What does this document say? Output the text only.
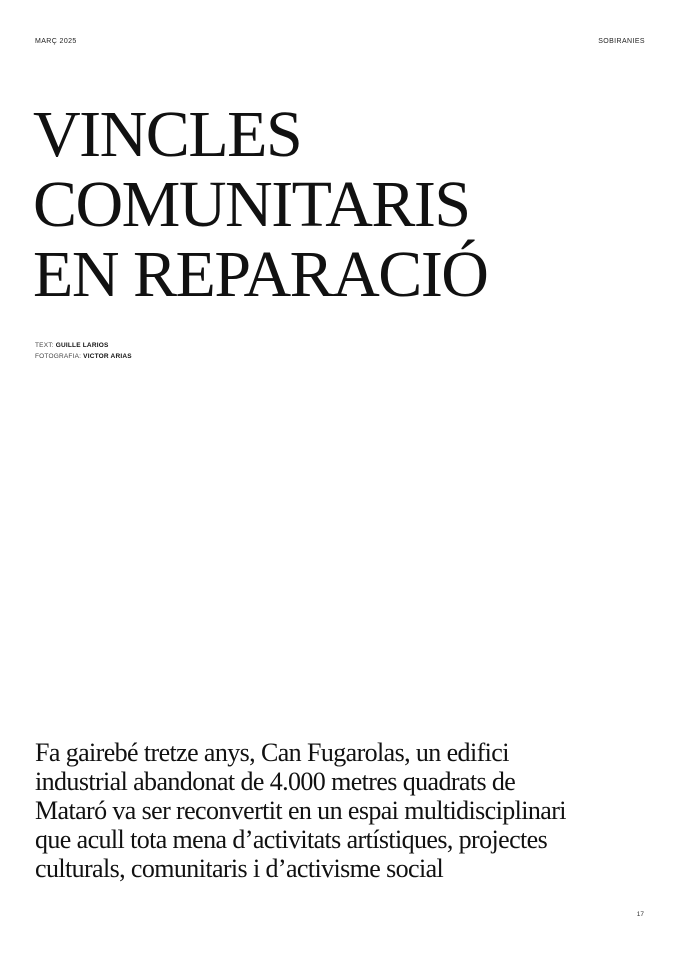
MARÇ 2025	SOBIRANIES
VINCLES
COMUNITARIS
EN REPARACIÓ
TEXT: GUILLE LARIOS
FOTOGRAFIA: VICTOR ARIAS

Fa gairebé tretze anys, Can Fugarolas, un edifici
industrial abandonat de 4.000 metres quadrats de
Mataró va ser reconvertit en un espai multidisciplinari
que acull tota mena d’activitats artístiques, projectes
culturals, comunitaris i d’activisme social

17
